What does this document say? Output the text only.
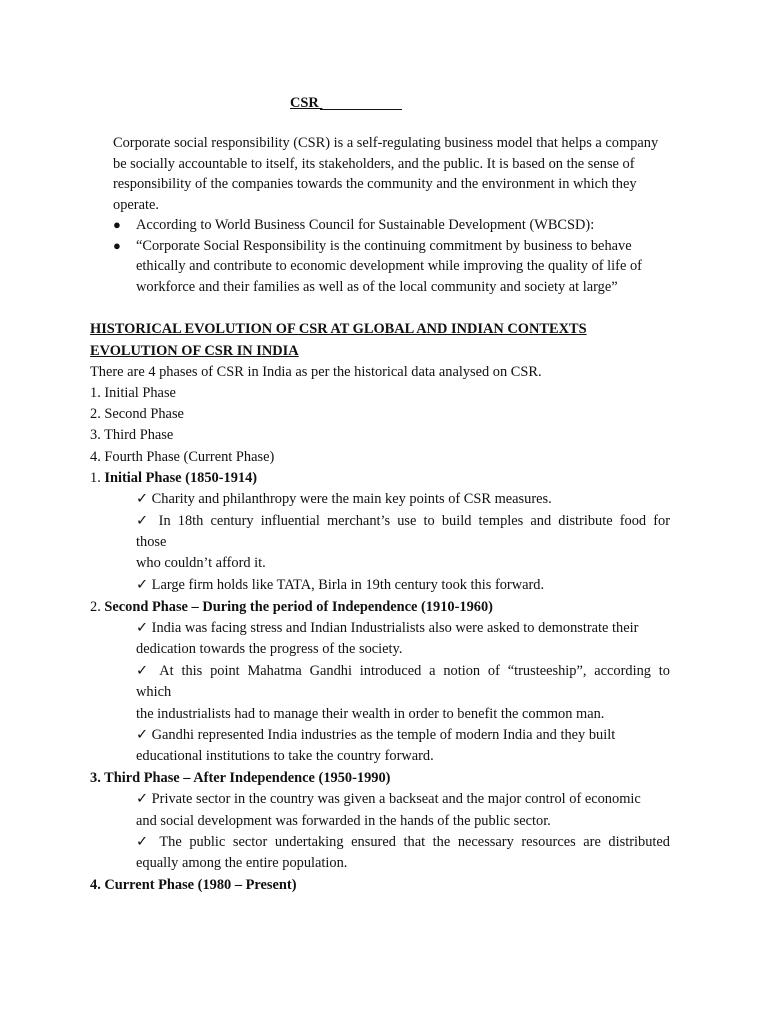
CSR

Corporate social responsibility (CSR) is a self-regulating business model that helps a company be socially accountable to itself, its stakeholders, and the public. It is based on the sense of responsibility of the companies towards the community and the environment in which they operate.

● According to World Business Council for Sustainable Development (WBCSD):
● “Corporate Social Responsibility is the continuing commitment by business to behave ethically and contribute to economic development while improving the quality of life of workforce and their families as well as of the local community and society at large”
HISTORICAL EVOLUTION OF CSR AT GLOBAL AND INDIAN CONTEXTS
EVOLUTION OF CSR IN INDIA
There are 4 phases of CSR in India as per the historical data analysed on CSR.
1. Initial Phase
2. Second Phase
3. Third Phase
4. Fourth Phase (Current Phase)
1. Initial Phase (1850-1914)
✓ Charity and philanthropy were the main key points of CSR measures.
✓ In 18th century influential merchant’s use to build temples and distribute food for
those
who couldn’t afford it.
✓ Large firm holds like TATA, Birla in 19th century took this forward.
2. Second Phase – During the period of Independence (1910-1960)
✓ India was facing stress and Indian Industrialists also were asked to demonstrate their
dedication towards the progress of the society.
✓ At this point Mahatma Gandhi introduced a notion of “trusteeship”, according to
which
the industrialists had to manage their wealth in order to benefit the common man.
✓ Gandhi represented India industries as the temple of modern India and they built
educational institutions to take the country forward.
3. Third Phase – After Independence (1950-1990)
✓ Private sector in the country was given a backseat and the major control of economic
and social development was forwarded in the hands of the public sector.
✓ The public sector undertaking ensured that the necessary resources are distributed
equally among the entire population.
4. Current Phase (1980 – Present)
